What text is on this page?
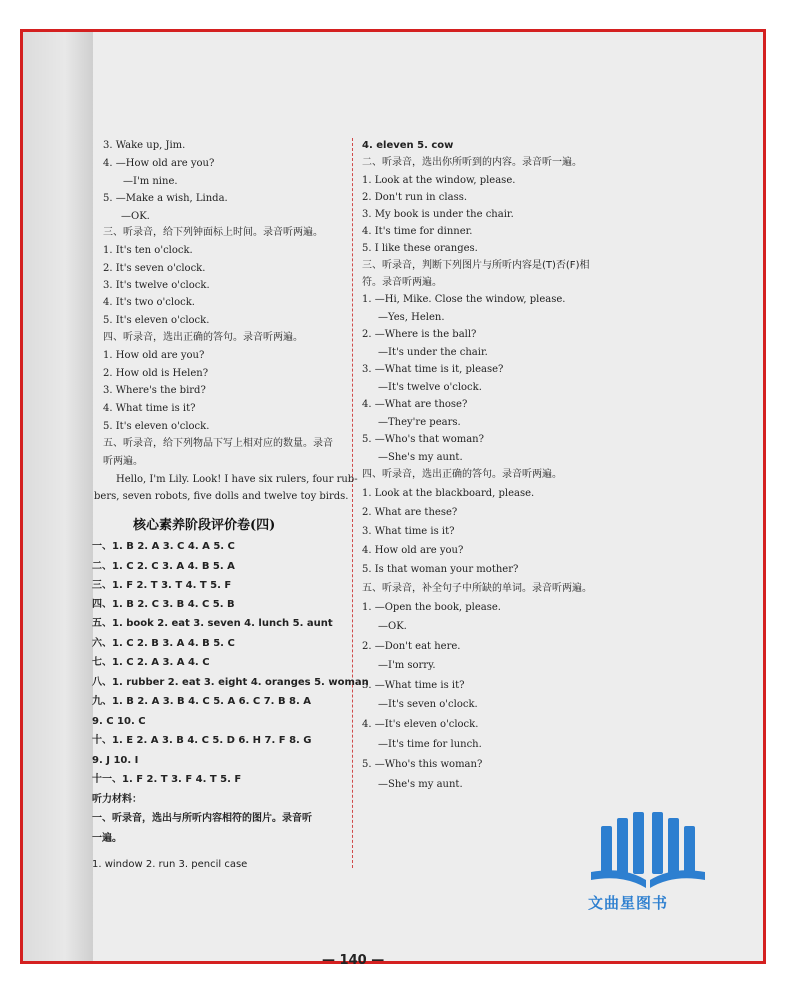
3. Wake up, Jim.
4. —How old are you?
—I'm nine.
5. —Make a wish, Linda.
—OK.
三、听录音，给下列钟面标上时间。录音听两遍。
1. It's ten o'clock.
2. It's seven o'clock.
3. It's twelve o'clock.
4. It's two o'clock.
5. It's eleven o'clock.
四、听录音，选出正确的答句。录音听两遍。
1. How old are you?
2. How old is Helen?
3. Where's the bird?
4. What time is it?
5. It's eleven o'clock.
五、听录音，给下列物品下写上相对应的数量。录音
听两遍。
Hello, I'm Lily. Look! I have six rulers, four rub-
bers, seven robots, five dolls and twelve toy birds.
核心素养阶段评价卷(四)
一、1. B 2. A 3. C 4. A 5. C
二、1. C 2. C 3. A 4. B 5. A
三、1. F 2. T 3. T 4. T 5. F
四、1. B 2. C 3. B 4. C 5. B
五、1. book 2. eat 3. seven 4. lunch 5. aunt
六、1. C 2. B 3. A 4. B 5. C
七、1. C 2. A 3. A 4. C
八、1. rubber 2. eat 3. eight 4. oranges 5. woman
九、1. B 2. A 3. B 4. C 5. A 6. C 7. B 8. A
9. C 10. C
十、1. E 2. A 3. B 4. C 5. D 6. H 7. F 8. G
9. J 10. I
十一、1. F 2. T 3. F 4. T 5. F
听力材料：
一、听录音，选出与所听内容相符的图片。录音听
一遍。
1. window 2. run 3. pencil case
4. eleven 5. cow
二、听录音，选出你所听到的内容。录音听一遍。
1. Look at the window, please.
2. Don't run in class.
3. My book is under the chair.
4. It's time for dinner.
5. I like these oranges.
三、听录音，判断下列图片与所听内容是(T)否(F)相
符。录音听两遍。
1. —Hi, Mike. Close the window, please.
—Yes, Helen.
2. —Where is the ball?
—It's under the chair.
3. —What time is it, please?
—It's twelve o'clock.
4. —What are those?
—They're pears.
5. —Who's that woman?
—She's my aunt.
四、听录音，选出正确的答句。录音听两遍。
1. Look at the blackboard, please.
2. What are these?
3. What time is it?
4. How old are you?
5. Is that woman your mother?
五、听录音，补全句子中所缺的单词。录音听两遍。
1. —Open the book, please.
—OK.
2. —Don't eat here.
—I'm sorry.
3. —What time is it?
—It's seven o'clock.
4. —It's eleven o'clock.
—It's time for lunch.
5. —Who's this woman?
—She's my aunt.
— 140 —
文曲星图书
